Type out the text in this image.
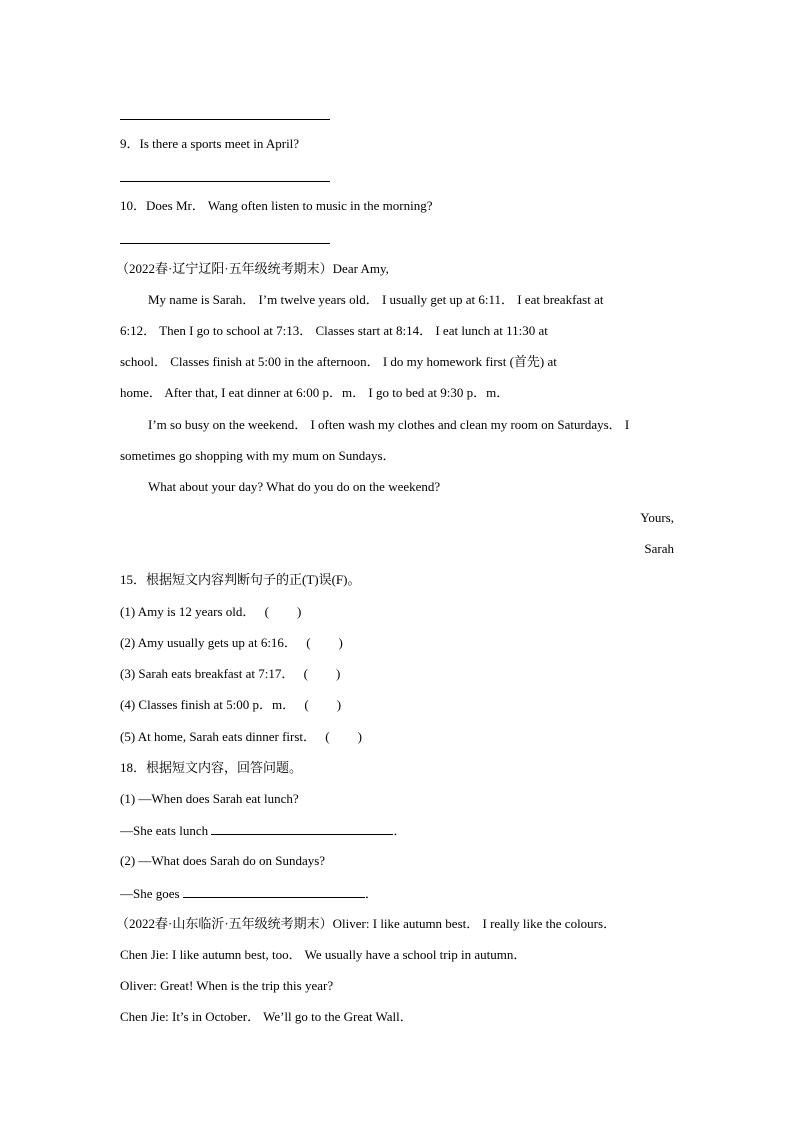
9．Is there a sports meet in April?
10．Does Mr． Wang often listen to music in the morning?
（2022春·辽宁辽阳·五年级统考期末）Dear Amy,
My name is Sarah． I’m twelve years old． I usually get up at 6:11． I eat breakfast at
6:12． Then I go to school at 7:13． Classes start at 8:14． I eat lunch at 11:30 at
school． Classes finish at 5:00 in the afternoon． I do my homework first (首先) at
home． After that, I eat dinner at 6:00 p．m． I go to bed at 9:30 p．m．
I’m so busy on the weekend． I often wash my clothes and clean my room on Saturdays． I
sometimes go shopping with my mum on Sundays．
What about your day? What do you do on the weekend?
Yours,
Sarah
15．根据短文内容判断句子的正(T)误(F)。
(1) Amy is 12 years old． ( )
(2) Amy usually gets up at 6:16． ( )
(3) Sarah eats breakfast at 7:17． ( )
(4) Classes finish at 5:00 p．m． ( )
(5) At home, Sarah eats dinner first． ( )
18．根据短文内容，回答问题。
(1) —When does Sarah eat lunch?
—She eats lunch	．
(2) —What does Sarah do on Sundays?
—She goes	．
（2022春·山东临沂·五年级统考期末）Oliver: I like autumn best． I really like the colours．
Chen Jie: I like autumn best, too． We usually have a school trip in autumn．
Oliver: Great! When is the trip this year?
Chen Jie: It’s in October． We’ll go to the Great Wall．
